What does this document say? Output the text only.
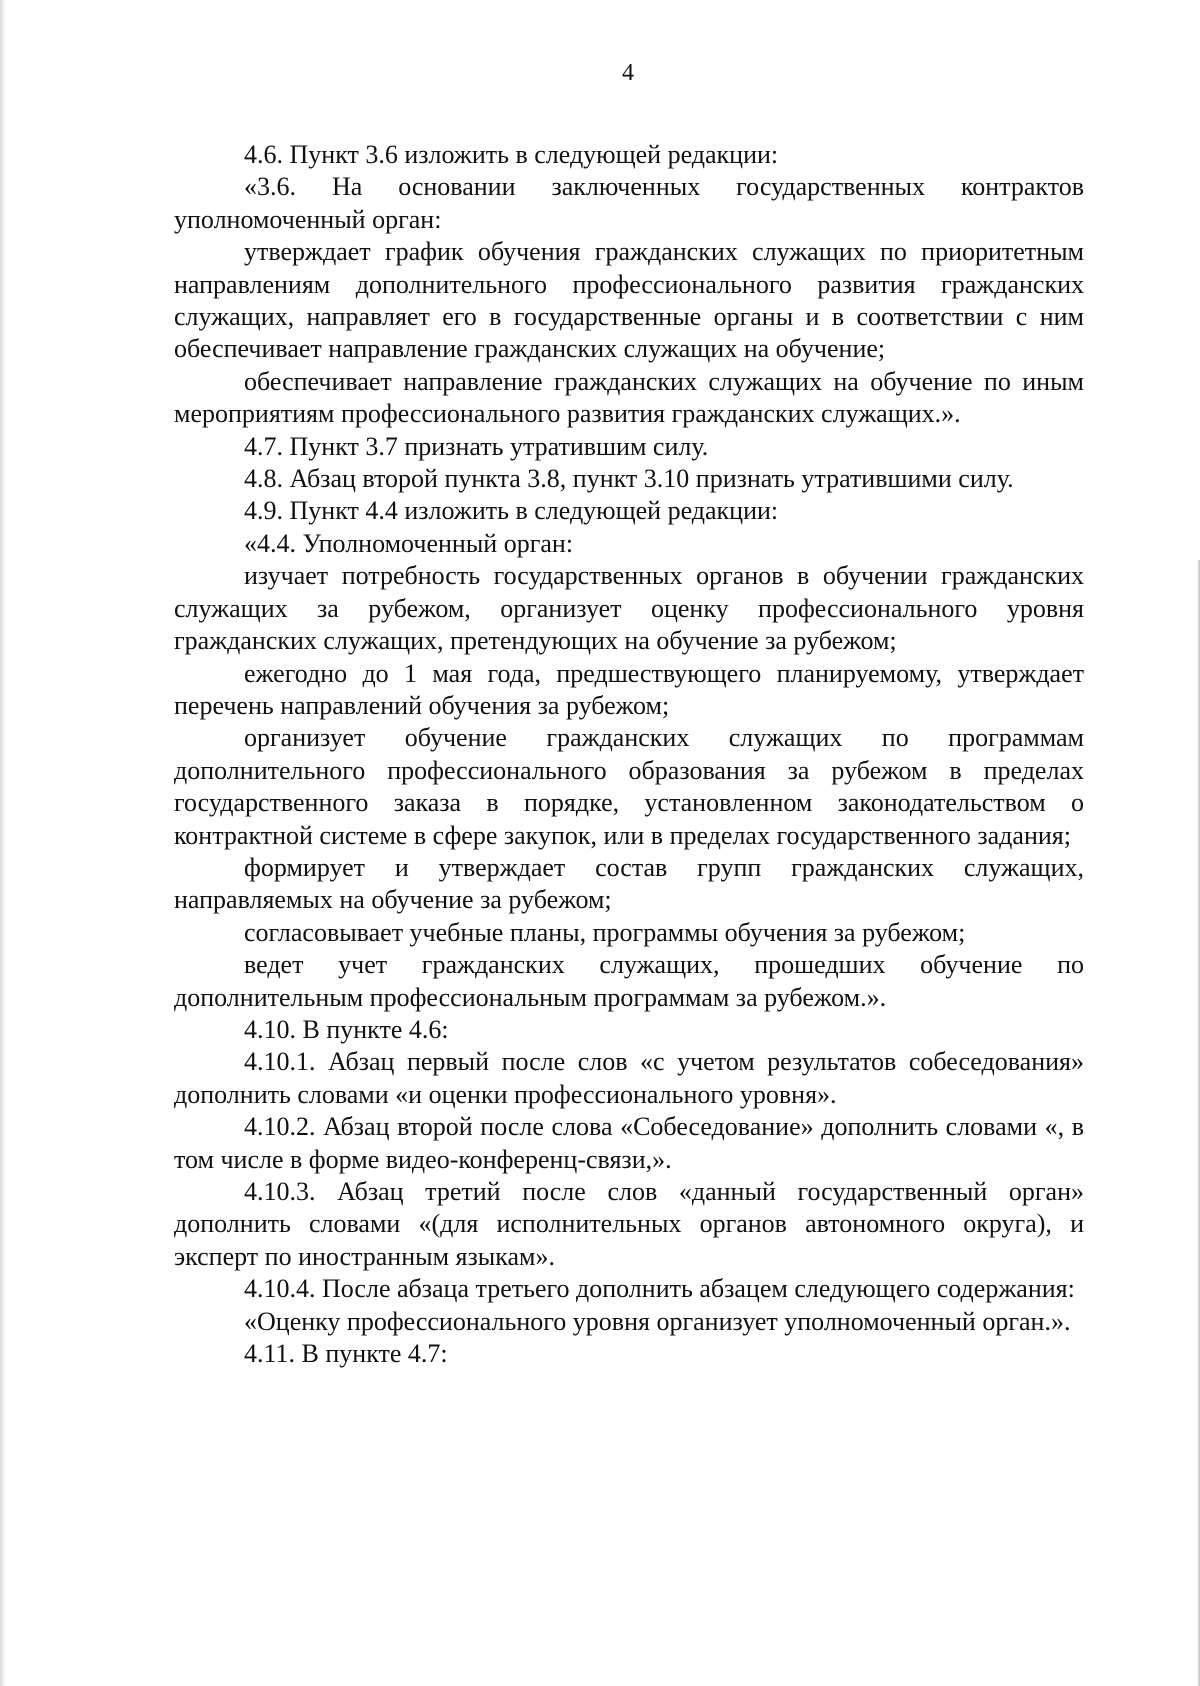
4

4.6. Пункт 3.6 изложить в следующей редакции:

«3.6. На основании заключенных государственных контрактов уполномоченный орган:

утверждает график обучения гражданских служащих по приоритетным направлениям дополнительного профессионального развития гражданских служащих, направляет его в государственные органы и в соответствии с ним обеспечивает направление гражданских служащих на обучение;

обеспечивает направление гражданских служащих на обучение по иным мероприятиям профессионального развития гражданских служащих.».

4.7. Пункт 3.7 признать утратившим силу.

4.8. Абзац второй пункта 3.8, пункт 3.10 признать утратившими силу.

4.9. Пункт 4.4 изложить в следующей редакции:

«4.4. Уполномоченный орган:

изучает потребность государственных органов в обучении гражданских служащих за рубежом, организует оценку профессионального уровня гражданских служащих, претендующих на обучение за рубежом;

ежегодно до 1 мая года, предшествующего планируемому, утверждает перечень направлений обучения за рубежом;

организует обучение гражданских служащих по программам дополнительного профессионального образования за рубежом в пределах государственного заказа в порядке, установленном законодательством о контрактной системе в сфере закупок, или в пределах государственного задания;

формирует и утверждает состав групп гражданских служащих, направляемых на обучение за рубежом;

согласовывает учебные планы, программы обучения за рубежом;

ведет учет гражданских служащих, прошедших обучение по дополнительным профессиональным программам за рубежом.».

4.10. В пункте 4.6:

4.10.1. Абзац первый после слов «с учетом результатов собеседования» дополнить словами «и оценки профессионального уровня».

4.10.2. Абзац второй после слова «Собеседование» дополнить словами «, в том числе в форме видео-конференц-связи,».

4.10.3. Абзац третий после слов «данный государственный орган» дополнить словами «(для исполнительных органов автономного округа), и эксперт по иностранным языкам».

4.10.4. После абзаца третьего дополнить абзацем следующего содержания:

«Оценку профессионального уровня организует уполномоченный орган.».

4.11. В пункте 4.7:
